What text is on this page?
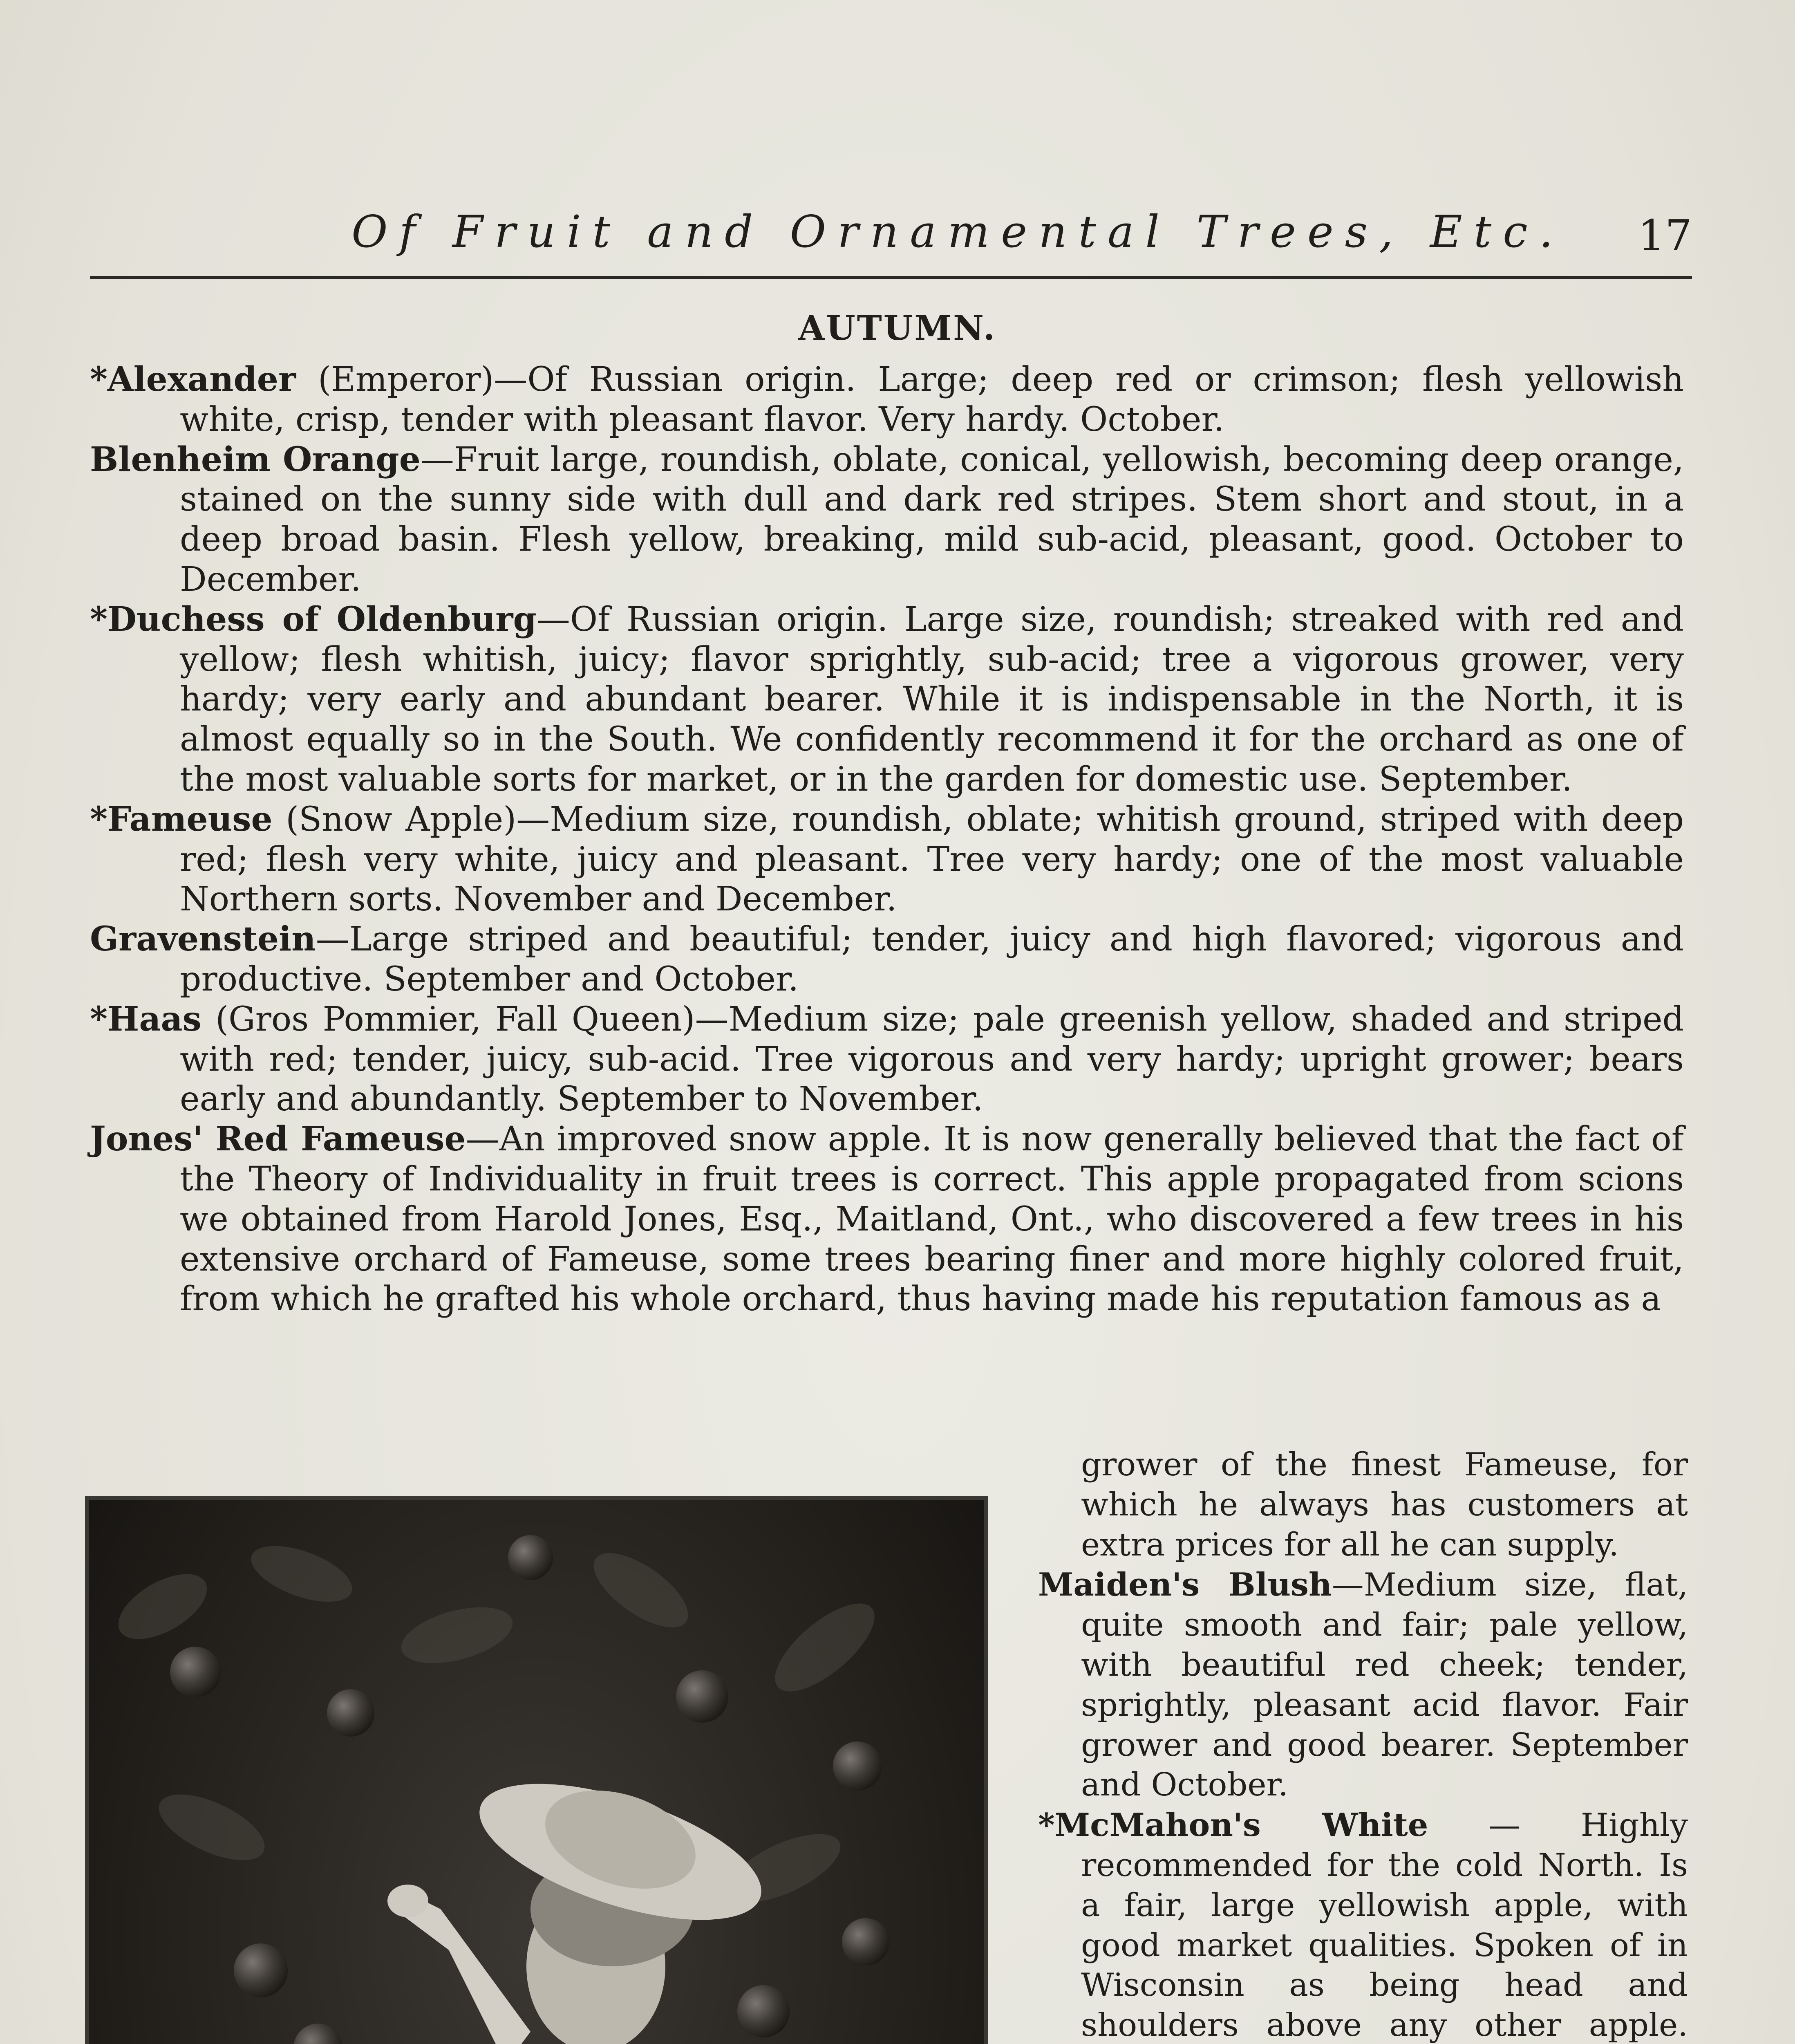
Of Fruit and Ornamental Trees, Etc. 17
AUTUMN.

*Alexander (Emperor)—Of Russian origin. Large; deep red or crimson; flesh yellowish white, crisp, tender with pleasant flavor. Very hardy. October.

Blenheim Orange—Fruit large, roundish, oblate, conical, yellowish, becoming deep orange, stained on the sunny side with dull and dark red stripes. Stem short and stout, in a deep broad basin. Flesh yellow, breaking, mild sub-acid, pleasant, good. October to December.

*Duchess of Oldenburg—Of Russian origin. Large size, roundish; streaked with red and yellow; flesh whitish, juicy; flavor sprightly, sub-acid; tree a vigorous grower, very hardy; very early and abundant bearer. While it is indispensable in the North, it is almost equally so in the South. We confidently recommend it for the orchard as one of the most valuable sorts for market, or in the garden for domestic use. September.

*Fameuse (Snow Apple)—Medium size, roundish, oblate; whitish ground, striped with deep red; flesh very white, juicy and pleasant. Tree very hardy; one of the most valuable Northern sorts. November and December.

Gravenstein—Large striped and beautiful; tender, juicy and high flavored; vigorous and productive. September and October.

*Haas (Gros Pommier, Fall Queen)—Medium size; pale greenish yellow, shaded and striped with red; tender, juicy, sub-acid. Tree vigorous and very hardy; upright grower; bears early and abundantly. September to November.

Jones' Red Fameuse—An improved snow apple. It is now generally believed that the fact of the Theory of Individuality in fruit trees is correct. This apple propagated from scions we obtained from Harold Jones, Esq., Maitland, Ont., who discovered a few trees in his extensive orchard of Fameuse, some trees bearing finer and more highly colored fruit, from which he grafted his whole orchard, thus having made his reputation famous as a

grower of the finest Fameuse, for which he always has customers at extra prices for all he can supply.

Maiden's Blush—Medium size, flat, quite smooth and fair; pale yellow, with beautiful red cheek; tender, sprightly, pleasant acid flavor. Fair grower and good bearer. September and October.

*McMahon's White — Highly recommended for the cold North. Is a fair, large yellowish apple, with good market qualities. Spoken of in Wisconsin as being head and shoulders above any other apple.
